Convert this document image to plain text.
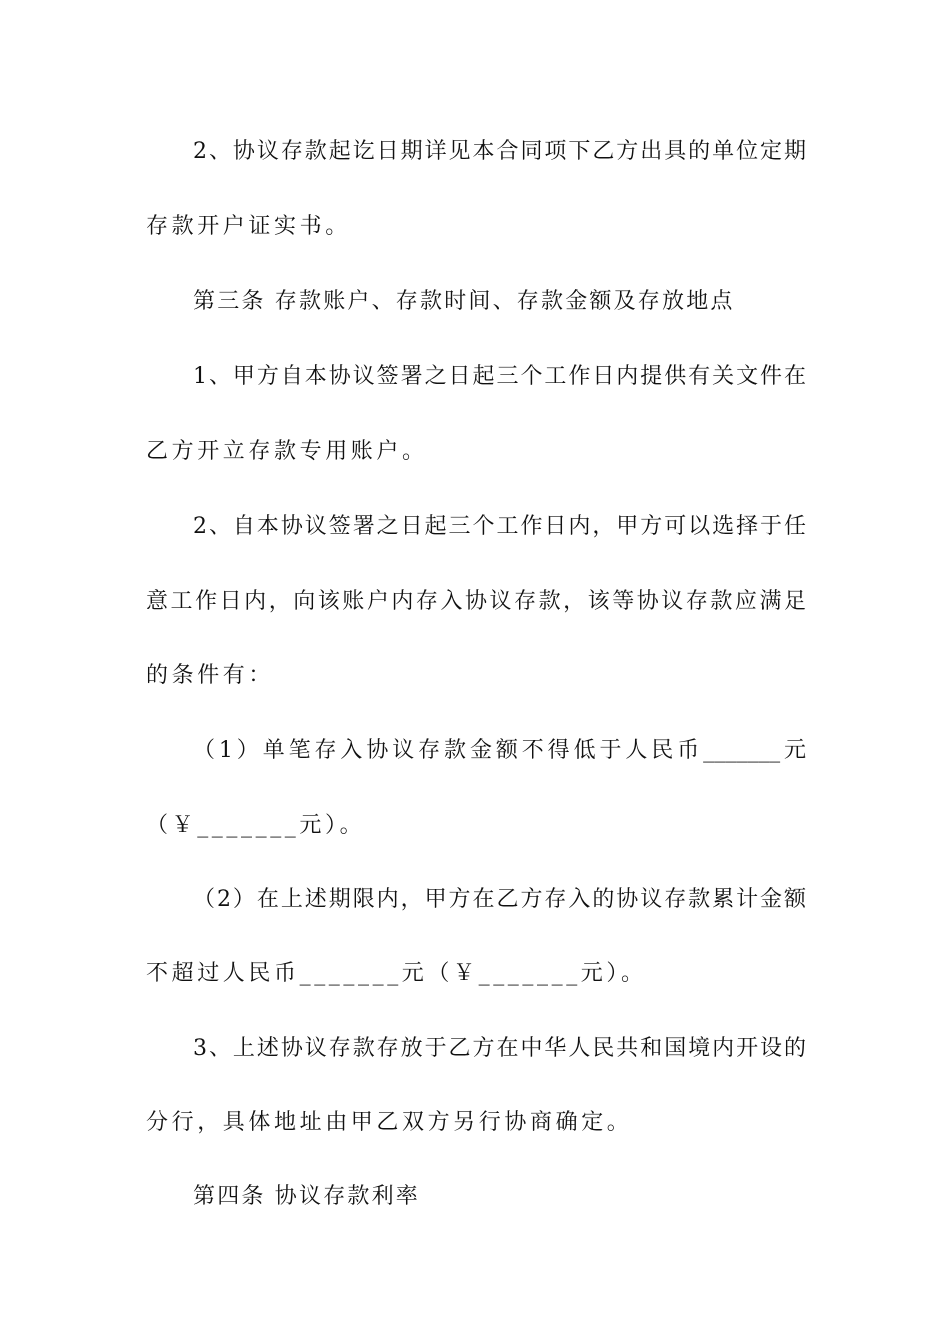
2、协议存款起讫日期详见本合同项下乙方出具的单位定期
存款开户证实书。
第三条 存款账户、存款时间、存款金额及存放地点
1、甲方自本协议签署之日起三个工作日内提供有关文件在
乙方开立存款专用账户。
2、自本协议签署之日起三个工作日内，甲方可以选择于任
意工作日内，向该账户内存入协议存款，该等协议存款应满足
的条件有：
（1）单笔存入协议存款金额不得低于人民币_______元
（￥_______元）。
（2）在上述期限内，甲方在乙方存入的协议存款累计金额
不超过人民币_______元（￥_______元）。
3、上述协议存款存放于乙方在中华人民共和国境内开设的
分行，具体地址由甲乙双方另行协商确定。
第四条 协议存款利率
